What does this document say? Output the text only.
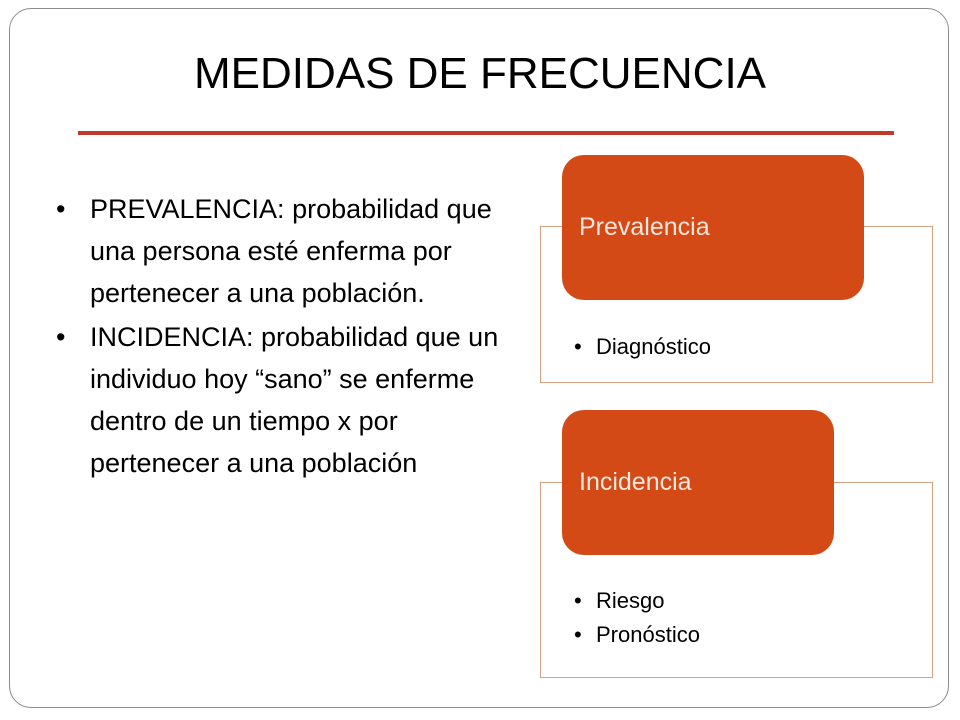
MEDIDAS DE FRECUENCIA
• PREVALENCIA: probabilidad que una persona esté enferma por pertenecer a una población.
• INCIDENCIA: probabilidad que un individuo hoy “sano” se enferme dentro de un tiempo x por pertenecer a una población
Prevalencia
• Diagnóstico
Incidencia
• Riesgo
• Pronóstico
